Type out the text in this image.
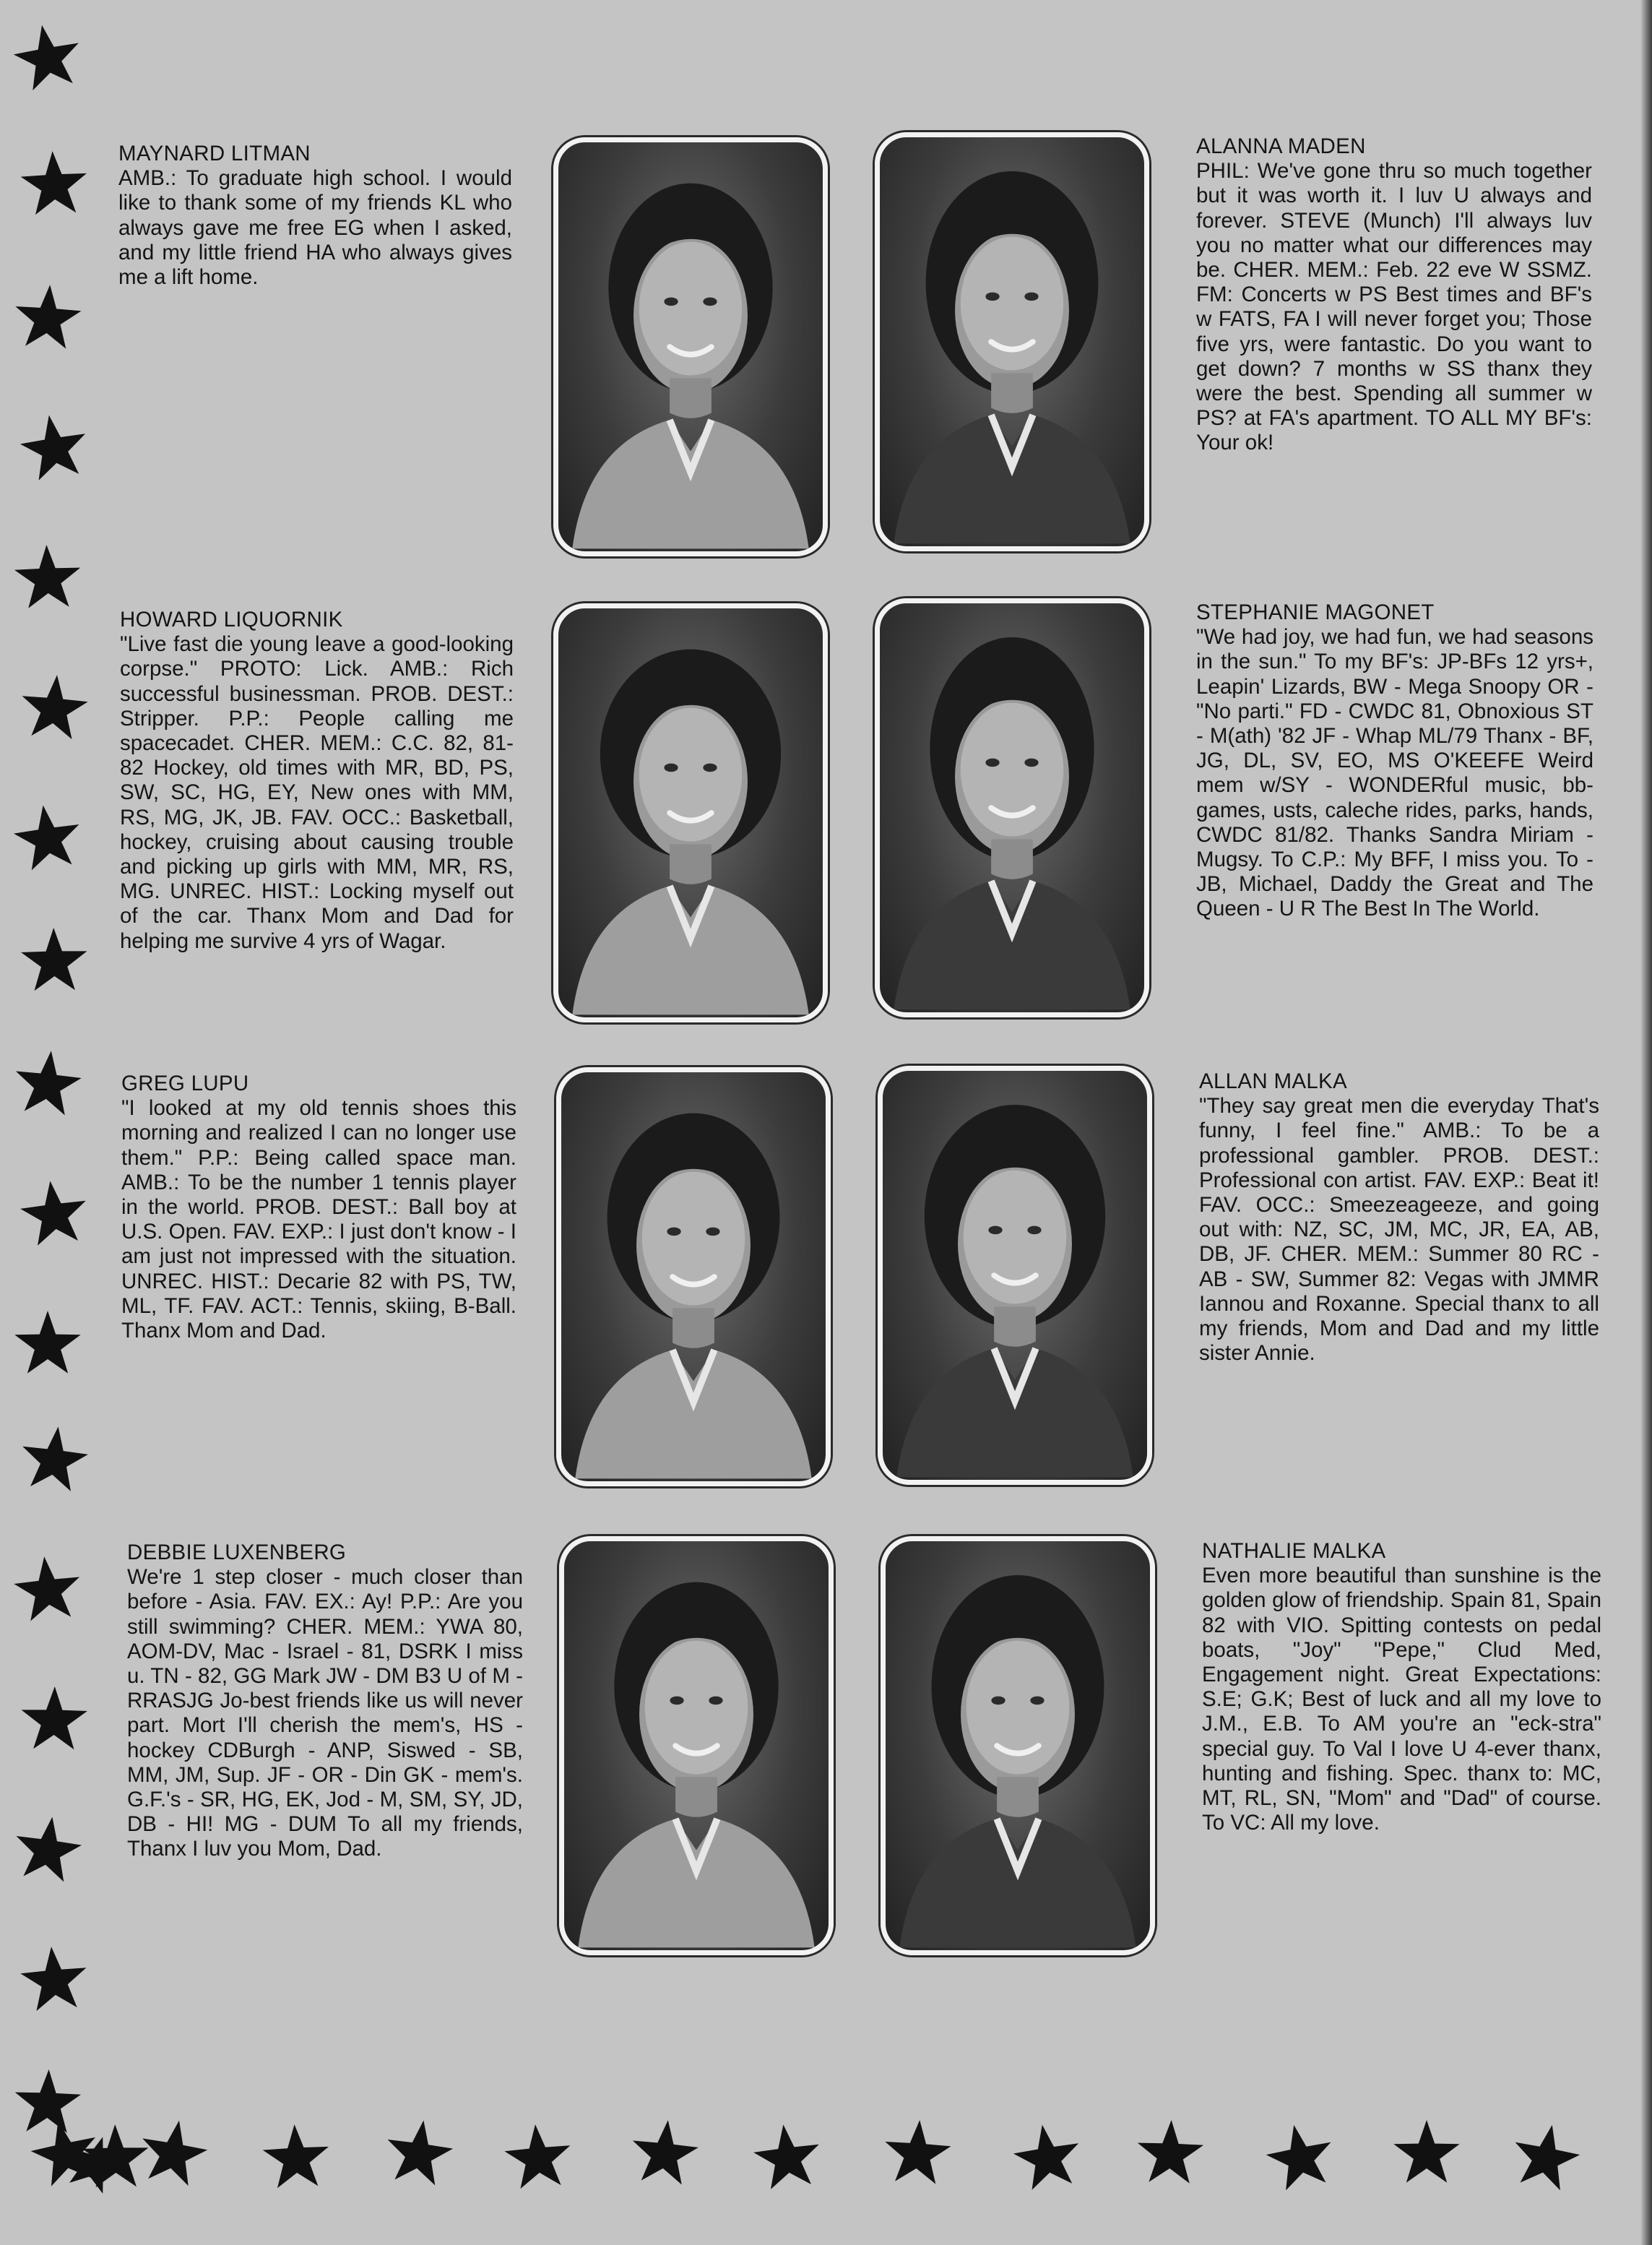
MAYNARD LITMAN
AMB.: To graduate high school. I would like to thank some of my friends KL who always gave me free EG when I asked, and my little friend HA who always gives me a lift home.
ALANNA MADEN
PHIL: We've gone thru so much together but it was worth it. I luv U always and forever. STEVE (Munch) I'll always luv you no matter what our differences may be. CHER. MEM.: Feb. 22 eve W SSMZ. FM: Concerts w PS Best times and BF's w FATS, FA I will never forget you; Those five yrs, were fantastic. Do you want to get down? 7 months w SS thanx they were the best. Spending all summer w PS? at FA's apartment. TO ALL MY BF's: Your ok!
HOWARD LIQUORNIK
"Live fast die young leave a good-looking corpse." PROTO: Lick. AMB.: Rich successful businessman. PROB. DEST.: Stripper. P.P.: People calling me spacecadet. CHER. MEM.: C.C. 82, 81-82 Hockey, old times with MR, BD, PS, SW, SC, HG, EY, New ones with MM, RS, MG, JK, JB. FAV. OCC.: Basketball, hockey, cruising about causing trouble and picking up girls with MM, MR, RS, MG. UNREC. HIST.: Locking myself out of the car. Thanx Mom and Dad for helping me survive 4 yrs of Wagar.
STEPHANIE MAGONET
"We had joy, we had fun, we had seasons in the sun." To my BF's: JP-BFs 12 yrs+, Leapin' Lizards, BW - Mega Snoopy OR - "No parti." FD - CWDC 81, Obnoxious ST - M(ath) '82 JF - Whap ML/79 Thanx - BF, JG, DL, SV, EO, MS O'KEEFE Weird mem w/SY - WONDERful music, bb-games, usts, caleche rides, parks, hands, CWDC 81/82. Thanks Sandra Miriam - Mugsy. To C.P.: My BFF, I miss you. To - JB, Michael, Daddy the Great and The Queen - U R The Best In The World.
GREG LUPU
"I looked at my old tennis shoes this morning and realized I can no longer use them." P.P.: Being called space man. AMB.: To be the number 1 tennis player in the world. PROB. DEST.: Ball boy at U.S. Open. FAV. EXP.: I just don't know - I am just not impressed with the situation. UNREC. HIST.: Decarie 82 with PS, TW, ML, TF. FAV. ACT.: Tennis, skiing, B-Ball. Thanx Mom and Dad.
ALLAN MALKA
"They say great men die everyday That's funny, I feel fine." AMB.: To be a professional gambler. PROB. DEST.: Professional con artist. FAV. EXP.: Beat it! FAV. OCC.: Smeezeageeze, and going out with: NZ, SC, JM, MC, JR, EA, AB, DB, JF. CHER. MEM.: Summer 80 RC - AB - SW, Summer 82: Vegas with JMMR Iannou and Roxanne. Special thanx to all my friends, Mom and Dad and my little sister Annie.
DEBBIE LUXENBERG
We're 1 step closer - much closer than before - Asia. FAV. EX.: Ay! P.P.: Are you still swimming? CHER. MEM.: YWA 80, AOM-DV, Mac - Israel - 81, DSRK I miss u. TN - 82, GG Mark JW - DM B3 U of M - RRASJG Jo-best friends like us will never part. Mort I'll cherish the mem's, HS - hockey CDBurgh - ANP, Siswed - SB, MM, JM, Sup. JF - OR - Din GK - mem's. G.F.'s - SR, HG, EK, Jod - M, SM, SY, JD, DB - HI! MG - DUM To all my friends, Thanx I luv you Mom, Dad.
NATHALIE MALKA
Even more beautiful than sunshine is the golden glow of friendship. Spain 81, Spain 82 with VIO. Spitting contests on pedal boats, "Joy" "Pepe," Clud Med, Engagement night. Great Expectations: S.E; G.K; Best of luck and all my love to J.M., E.B. To AM you're an "eck-stra" special guy. To Val I love U 4-ever thanx, hunting and fishing. Spec. thanx to: MC, MT, RL, SN, "Mom" and "Dad" of course. To VC: All my love.
